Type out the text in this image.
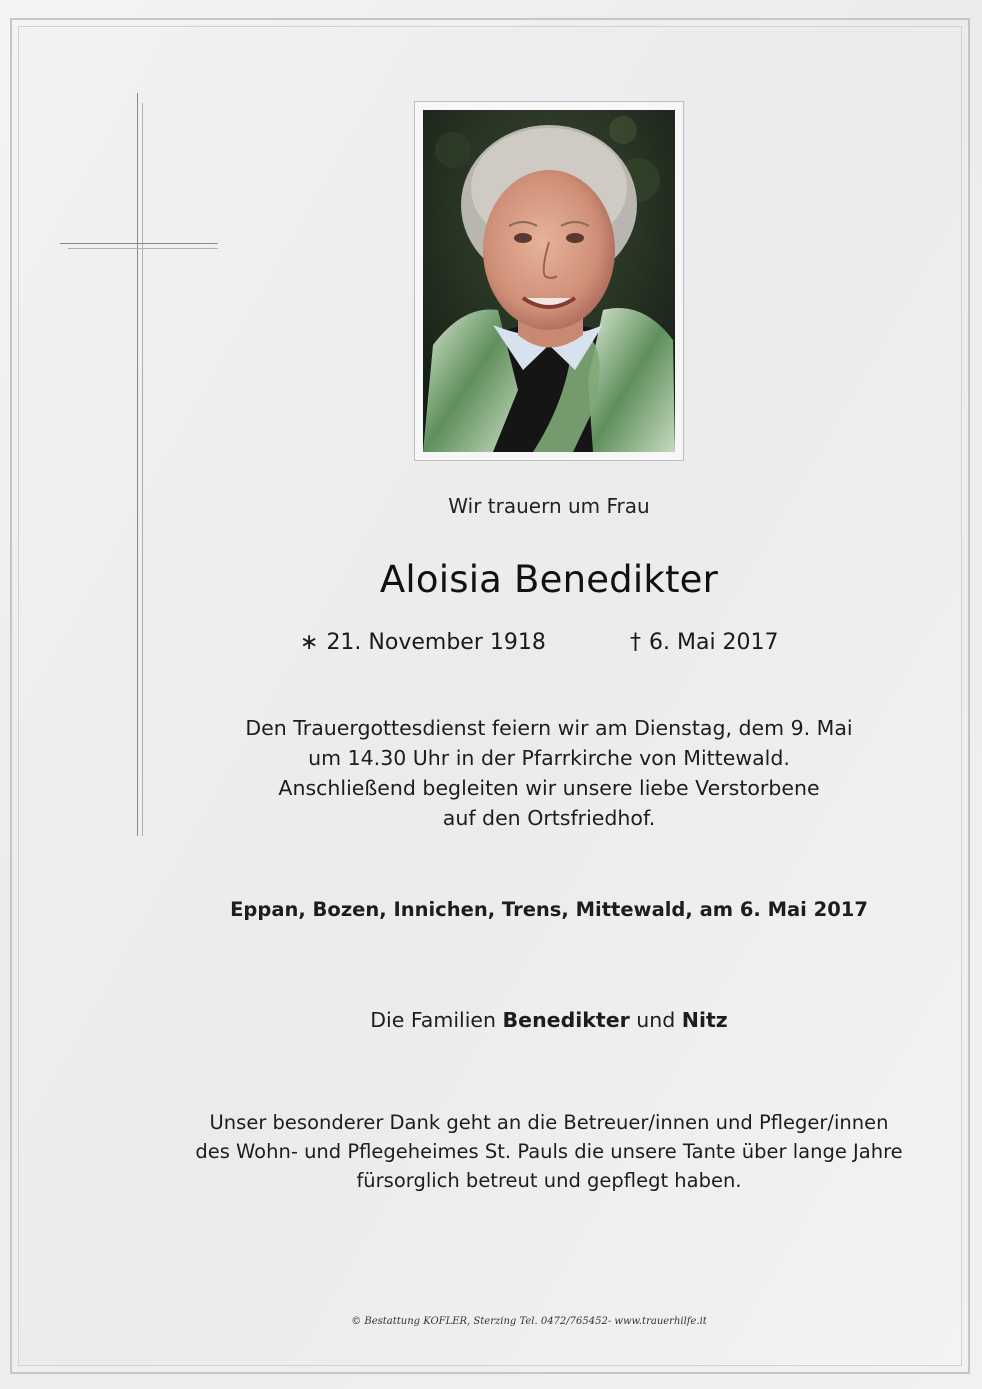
Wir trauern um Frau
Aloisia Benedikter
∗ 21. November 1918	† 6. Mai 2017
Den Trauergottesdienst feiern wir am Dienstag, dem 9. Mai
um 14.30 Uhr in der Pfarrkirche von Mittewald.
Anschließend begleiten wir unsere liebe Verstorbene
auf den Ortsfriedhof.
Eppan, Bozen, Innichen, Trens, Mittewald, am 6. Mai 2017
Die Familien Benedikter und Nitz
Unser besonderer Dank geht an die Betreuer/innen und Pfleger/innen
des Wohn- und Pflegeheimes St. Pauls die unsere Tante über lange Jahre
fürsorglich betreut und gepflegt haben.
© Bestattung KOFLER, Sterzing Tel. 0472/765452- www.trauerhilfe.it
